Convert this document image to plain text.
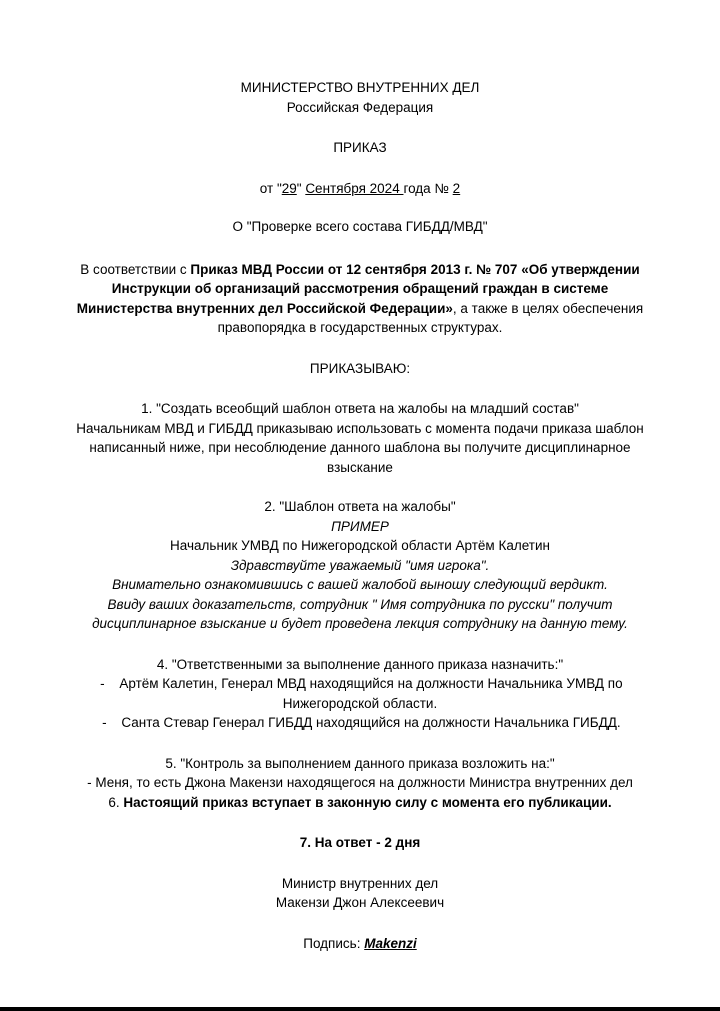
МИНИСТЕРСТВО ВНУТРЕННИХ ДЕЛ
Российская Федерация
ПРИКАЗ
от "29" Сентября 2024 года № 2
О "Проверке всего состава ГИБДД/МВД"
В соответствии с Приказ МВД России от 12 сентября 2013 г. № 707 «Об утверждении Инструкции об организаций рассмотрения обращений граждан в системе Министерства внутренних дел Российской Федерации», а также в целях обеспечения правопорядка в государственных структурах.
ПРИКАЗЫВАЮ:
1. "Создать всеобщий шаблон ответа на жалобы на младший состав"
Начальникам МВД и ГИБДД приказываю использовать с момента подачи приказа шаблон написанный ниже, при несоблюдение данного шаблона вы получите дисциплинарное взыскание
2. "Шаблон ответа на жалобы"
ПРИМЕР
Начальник УМВД по Нижегородской области Артём Калетин
Здравствуйте уважаемый "имя игрока".
Внимательно ознакомившись с вашей жалобой выношу следующий вердикт.
Ввиду ваших доказательств, сотрудник " Имя сотрудника по русски" получит
дисциплинарное взыскание и будет проведена лекция сотруднику на данную тему.
4. "Ответственными за выполнение данного приказа назначить:"
- Артём Калетин, Генерал МВД находящийся на должности Начальника УМВД по Нижегородской области.
- Санта Стевар Генерал ГИБДД находящийся на должности Начальника ГИБДД.
5. "Контроль за выполнением данного приказа возложить на:"
- Меня, то есть Джона Макензи находящегося на должности Министра внутренних дел
6. Настоящий приказ вступает в законную силу с момента его публикации.
7. На ответ - 2 дня
Министр внутренних дел
Макензи Джон Алексеевич
Подпись: Makenzi
